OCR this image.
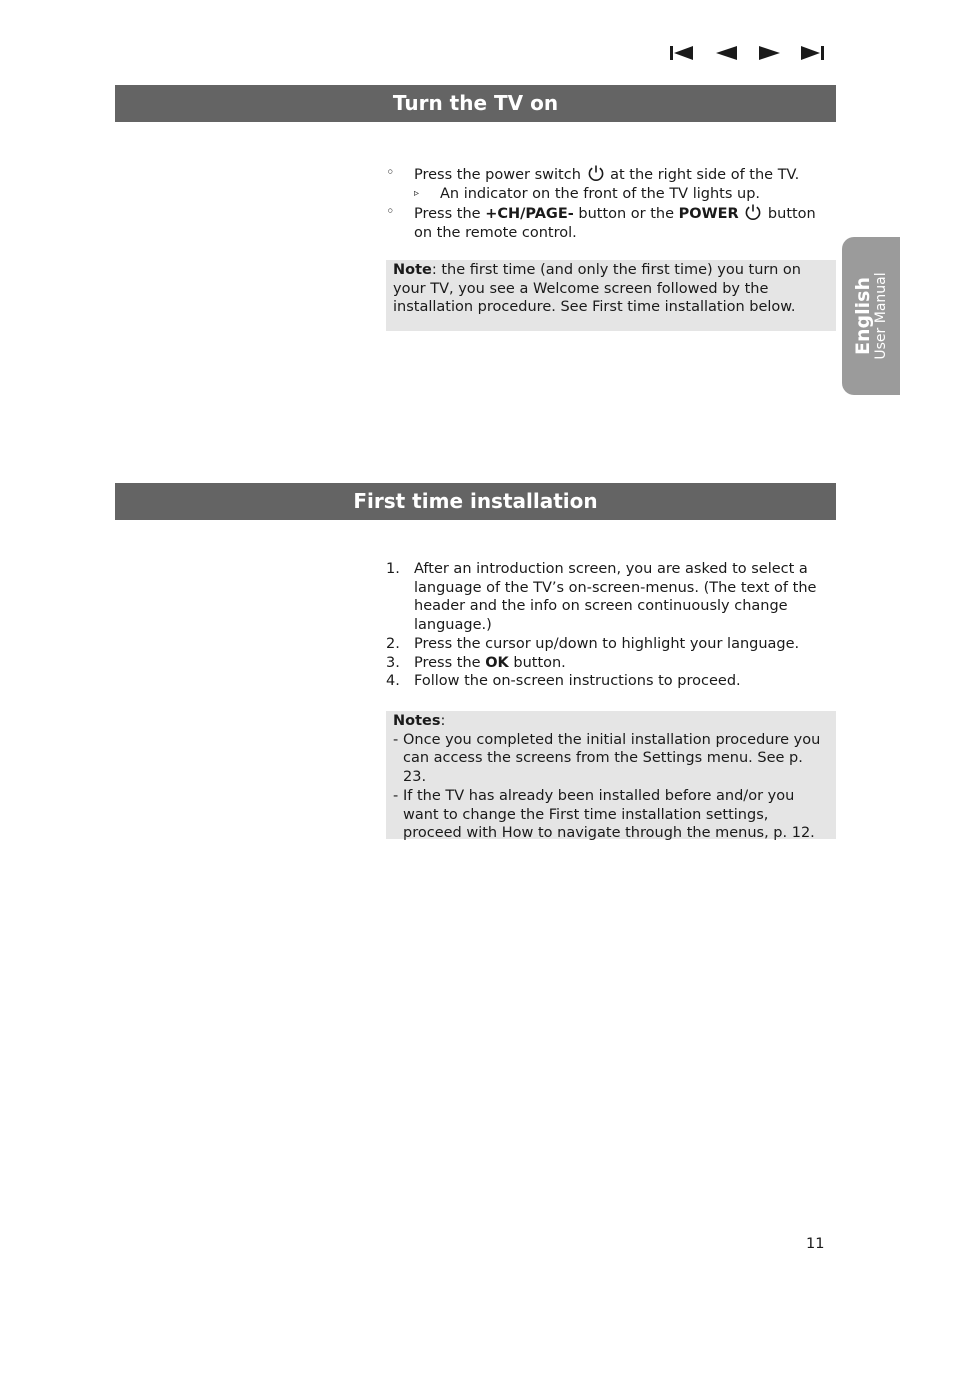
Turn the TV on
English User Manual
◦	Press the power switch at the right side of the TV.
▹	An indicator on the front of the TV lights up.
◦	Press the +CH/PAGE- button or the POWER button on the remote control.
Note: the first time (and only the first time) you turn on your TV, you see a Welcome screen followed by the installation procedure. See First time installation below.
First time installation
1. After an introduction screen, you are asked to select a language of the TV’s on-screen-menus. (The text of the header and the info on screen continuously change language.)
2. Press the cursor up/down to highlight your language.
3. Press the OK button.
4. Follow the on-screen instructions to proceed.
Notes:
- Once you completed the initial installation procedure you can access the screens from the Settings menu. See p. 23.
- If the TV has already been installed before and/or you want to change the First time installation settings, proceed with How to navigate through the menus, p. 12.
11
